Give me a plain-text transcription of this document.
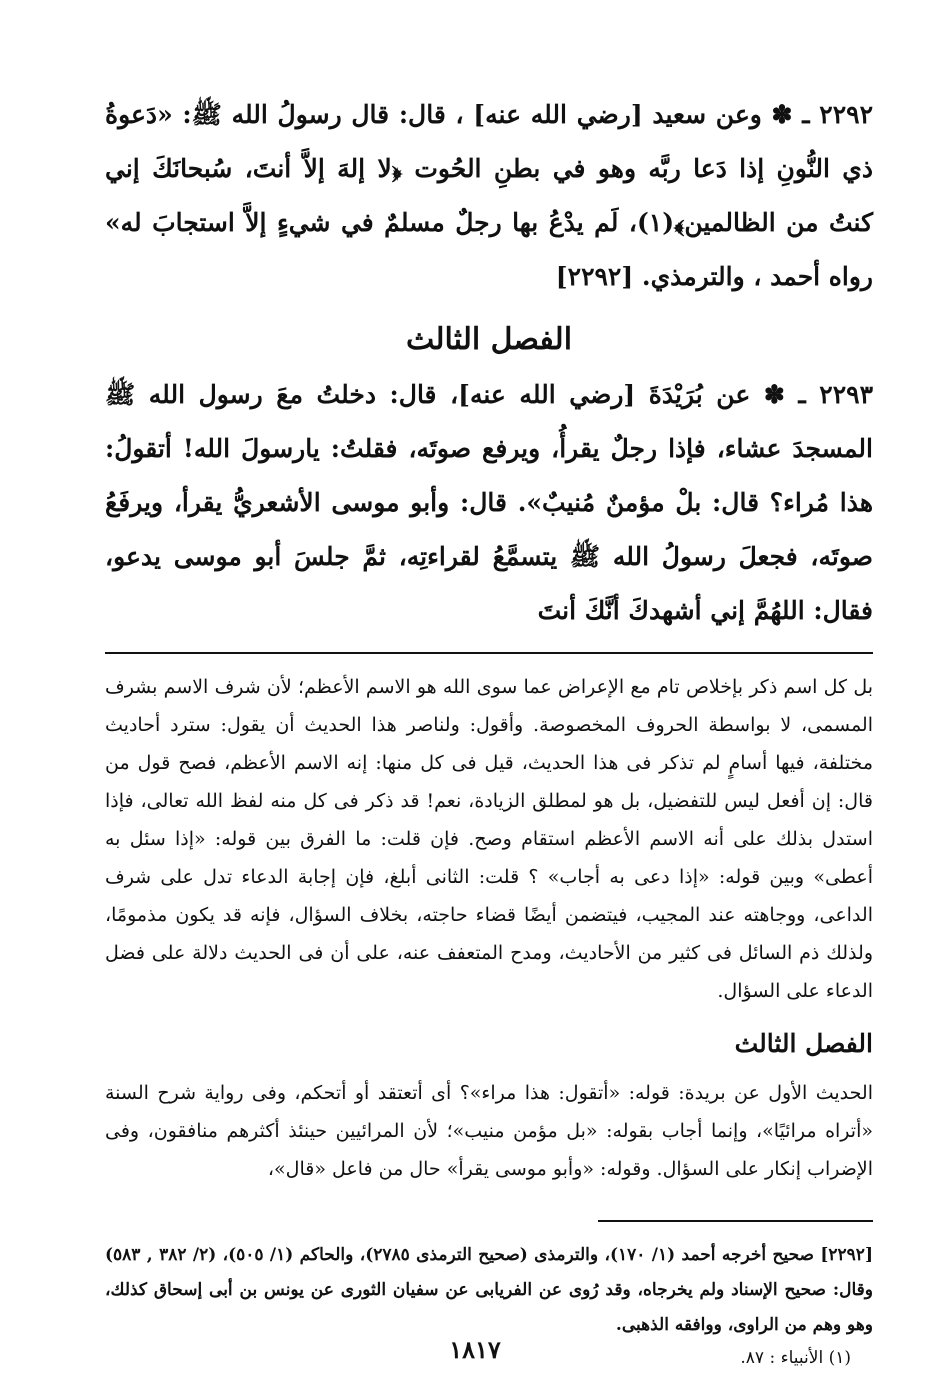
٢٢٩٢ ـ ✽ وعن سعيد [رضي الله عنه] ، قال: قال رسولُ الله ﷺ: «دَعوةُ ذي النُّونِ إذا دَعا ربَّه وهو في بطنِ الحُوت ﴿لا إلهَ إلاَّ أنتَ، سُبحانَكَ إني كنتُ من الظالمين﴾(١)، لَم يدْعُ بها رجلٌ مسلمٌ في شيءٍ إلاَّ استجابَ له» رواه أحمد ، والترمذي. [٢٢٩٢]

الفصل الثالث

٢٢٩٣ ـ ✽ عن بُرَيْدَةَ [رضي الله عنه]، قال: دخلتُ معَ رسول الله ﷺ المسجدَ عشاء، فإذا رجلٌ يقرأُ، ويرفع صوتَه، فقلتُ: يارسولَ الله! أتقولُ: هذا مُراء؟ قال: بلْ مؤمنٌ مُنيبٌ». قال: وأبو موسى الأشعريُّ يقرأ، ويرفَعُ صوتَه، فجعلَ رسولُ الله ﷺ يتسمَّعُ لقراءتِه، ثمَّ جلسَ أبو موسى يدعو، فقال: اللهُمَّ إني أشهدكَ أنَّكَ أنتَ

بل كل اسم ذكر بإخلاص تام مع الإعراض عما سوى الله هو الاسم الأعظم؛ لأن شرف الاسم بشرف المسمى، لا بواسطة الحروف المخصوصة. وأقول: ولناصر هذا الحديث أن يقول: سترد أحاديث مختلفة، فيها أسامٍ لم تذكر فى هذا الحديث، قيل فى كل منها: إنه الاسم الأعظم، فصح قول من قال: إن أفعل ليس للتفضيل، بل هو لمطلق الزيادة، نعم! قد ذكر فى كل منه لفظ الله تعالى، فإذا استدل بذلك على أنه الاسم الأعظم استقام وصح. فإن قلت: ما الفرق بين قوله: «إذا سئل به أعطى» وبين قوله: «إذا دعى به أجاب» ؟ قلت: الثانى أبلغ، فإن إجابة الدعاء تدل على شرف الداعى، ووجاهته عند المجيب، فيتضمن أيضًا قضاء حاجته، بخلاف السؤال، فإنه قد يكون مذمومًا، ولذلك ذم السائل فى كثير من الأحاديث، ومدح المتعفف عنه، على أن فى الحديث دلالة على فضل الدعاء على السؤال.

الفصل الثالث

الحديث الأول عن بريدة: قوله: «أتقول: هذا مراء»؟ أى أتعتقد أو أتحكم، وفى رواية شرح السنة «أتراه مرائيًا»، وإنما أجاب بقوله: «بل مؤمن منيب»؛ لأن المرائيين حينئذ أكثرهم منافقون، وفى الإضراب إنكار على السؤال. وقوله: «وأبو موسى يقرأ» حال من فاعل «قال»،

[٢٢٩٢] صحيح أخرجه أحمد (١/ ١٧٠)، والترمذى (صحيح الترمذى ٢٧٨٥)، والحاكم (١/ ٥٠٥)، (٢/ ٣٨٢ , ٥٨٣) وقال: صحيح الإسناد ولم يخرجاه، وقد رُوى عن الفريابى عن سفيان الثورى عن يونس بن أبى إسحاق كذلك، وهو وهم من الراوى، ووافقه الذهبى.

(١) الأنبياء : ٨٧.

١٨١٧
